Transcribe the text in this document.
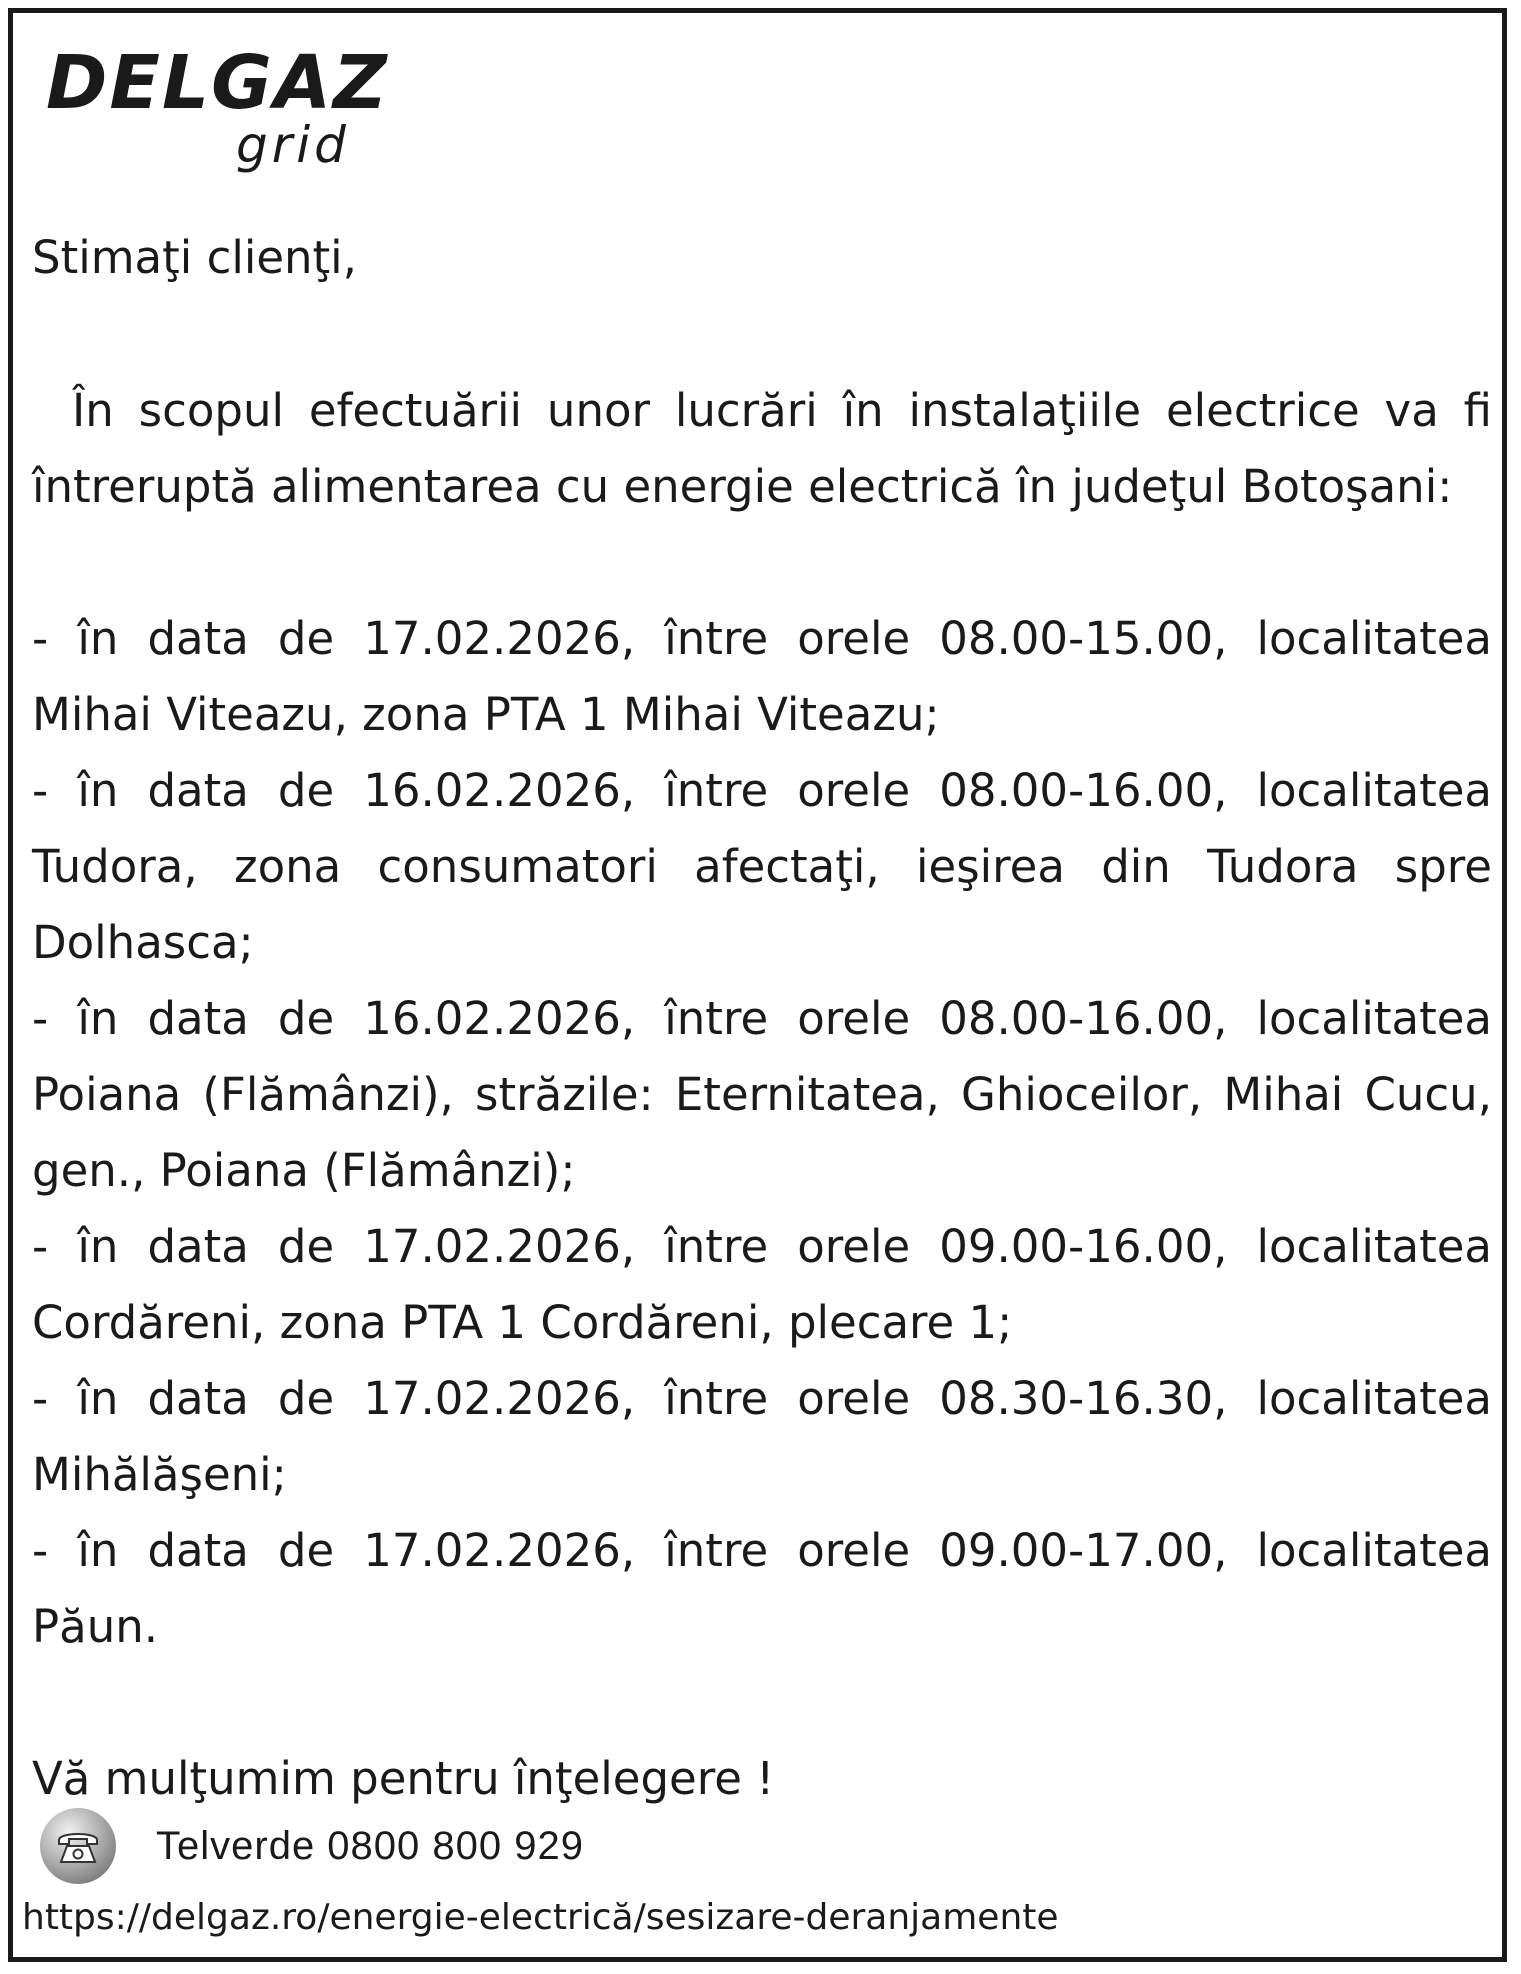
DELGAZ
grid

Stimaţi clienţi,

În scopul efectuării unor lucrări în instalaţiile electrice va fi întreruptă alimentarea cu energie electrică în judeţul Botoşani:

- în data de 17.02.2026, între orele 08.00-15.00, localitatea Mihai Viteazu, zona PTA 1 Mihai Viteazu;
- în data de 16.02.2026, între orele 08.00-16.00, localitatea Tudora, zona consumatori afectaţi, ieşirea din Tudora spre Dolhasca;
- în data de 16.02.2026, între orele 08.00-16.00, localitatea Poiana (Flămânzi), străzile: Eternitatea, Ghioceilor, Mihai Cucu, gen., Poiana (Flămânzi);
- în data de 17.02.2026, între orele 09.00-16.00, localitatea Cordăreni, zona PTA 1 Cordăreni, plecare 1;
- în data de 17.02.2026, între orele 08.30-16.30, localitatea Mihălăşeni;
- în data de 17.02.2026, între orele 09.00-17.00, localitatea Păun.

Vă mulţumim pentru înţelegere !

Telverde 0800 800 929
https://delgaz.ro/energie-electrică/sesizare-deranjamente
